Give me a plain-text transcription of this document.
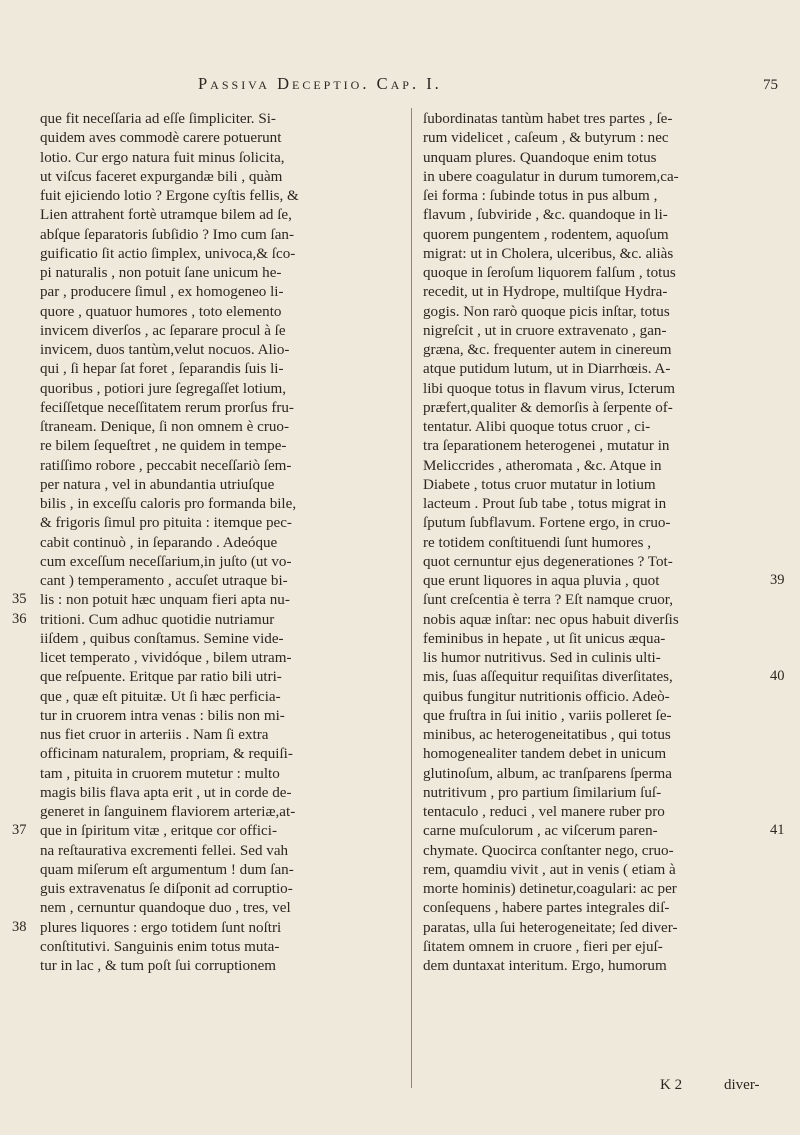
Passiva Deceptio. Cap. I.	75
que fit neceſſaria ad eſſe ſimpliciter. Si-
quidem aves commodè carere potuerunt
lotio. Cur ergo natura fuit minus ſolicita,
ut viſcus faceret expurgandæ bili , quàm
fuit ejiciendo lotio ? Ergone cyſtis fellis, &
Lien attrahent fortè utramque bilem ad ſe,
abſque ſeparatoris ſubſidio ? Imo cum ſan-
guificatio ſit actio ſimplex, univoca,& ſco-
pi naturalis , non potuit ſane unicum he-
par , producere ſimul , ex homogeneo li-
quore , quatuor humores , toto elemento
invicem diverſos , ac ſeparare procul à ſe
invicem, duos tantùm,velut nocuos. Alio-
qui , ſi hepar ſat foret , ſeparandis ſuis li-
quoribus , potiori jure ſegregaſſet lotium,
feciſſetque neceſſitatem rerum prorſus fru-
ſtraneam. Denique, ſi non omnem è cruo-
re bilem ſequeſtret , ne quidem in tempe-
ratiſſimo robore , peccabit neceſſariò ſem-
per natura , vel in abundantia utriuſque
bilis , in exceſſu caloris pro formanda bile,
& frigoris ſimul pro pituita : itemque pec-
cabit continuò , in ſeparando . Adeóque
cum exceſſum neceſſarium,in juſto (ut vo-
cant ) temperamento , accuſet utraque bi-
lis : non potuit hæc unquam fieri apta nu-
tritioni. Cum adhuc quotidie nutriamur
iiſdem , quibus conſtamus. Semine vide-
licet temperato , vividóque , bilem utram-
que reſpuente. Eritque par ratio bili utri-
que , quæ eſt pituitæ. Ut ſi hæc perficia-
tur in cruorem intra venas : bilis non mi-
nus fiet cruor in arteriis . Nam ſi extra
officinam naturalem, propriam, & requiſi-
tam , pituita in cruorem mutetur : multo
magis bilis flava apta erit , ut in corde de-
generet in ſanguinem flaviorem arteriæ,at-
que in ſpiritum vitæ , eritque cor offici-
na reſtaurativa excrementi fellei. Sed vah
quam miſerum eſt argumentum ! dum ſan-
guis extravenatus ſe diſponit ad corruptio-
nem , cernuntur quandoque duo , tres, vel
plures liquores : ergo totidem ſunt noſtri
conſtitutivi. Sanguinis enim totus muta-
tur in lac , & tum poſt ſui corruptionem
ſubordinatas tantùm habet tres partes , ſe-
rum videlicet , caſeum , & butyrum : nec
unquam plures. Quandoque enim totus
in ubere coagulatur in durum tumorem,ca-
ſei forma : ſubinde totus in pus album ,
flavum , ſubviride , &c. quandoque in li-
quorem pungentem , rodentem, aquoſum
migrat: ut in Cholera, ulceribus, &c. aliàs
quoque in ſeroſum liquorem falſum , totus
recedit, ut in Hydrope, multiſque Hydra-
gogis. Non rarò quoque picis inſtar, totus
nigreſcit , ut in cruore extravenato , gan-
græna, &c. frequenter autem in cinereum
atque putidum lutum, ut in Diarrhœis. A-
libi quoque totus in flavum virus, Icterum
præfert,qualiter & demorſis à ſerpente of-
tentatur. Alibi quoque totus cruor , ci-
tra ſeparationem heterogenei , mutatur in
Meliccrides , atheromata , &c. Atque in
Diabete , totus cruor mutatur in lotium
lacteum . Prout ſub tabe , totus migrat in
ſputum ſubflavum. Fortene ergo, in cruo-
re totidem conſtituendi ſunt humores ,
quot cernuntur ejus degenerationes ? Tot-
que erunt liquores in aqua pluvia , quot
ſunt creſcentia è terra ? Eſt namque cruor,
nobis aquæ inſtar: nec opus habuit diverſis
feminibus in hepate , ut ſit unicus æqua-
lis humor nutritivus. Sed in culinis ulti-
mis, ſuas aſſequitur requiſitas diverſitates,
quibus fungitur nutritionis officio. Adeò-
que fruſtra in ſui initio , variis polleret ſe-
minibus, ac heterogeneitatibus , qui totus
homogenealiter tandem debet in unicum
glutinoſum, album, ac tranſparens ſperma
nutritivum , pro partium ſimilarium ſuſ-
tentaculo , reduci , vel manere ruber pro
carne muſculorum , ac viſcerum paren-
chymate. Quocirca conſtanter nego, cruo-
rem, quamdiu vivit , aut in venis ( etiam à
morte hominis) detinetur,coagulari: ac per
conſequens , habere partes integrales diſ-
paratas, ulla ſui heterogeneitate; ſed diver-
ſitatem omnem in cruore , fieri per ejuſ-
dem duntaxat interitum. Ergo, humorum
35
36
37
38
39
40
41
K 2	diver-
